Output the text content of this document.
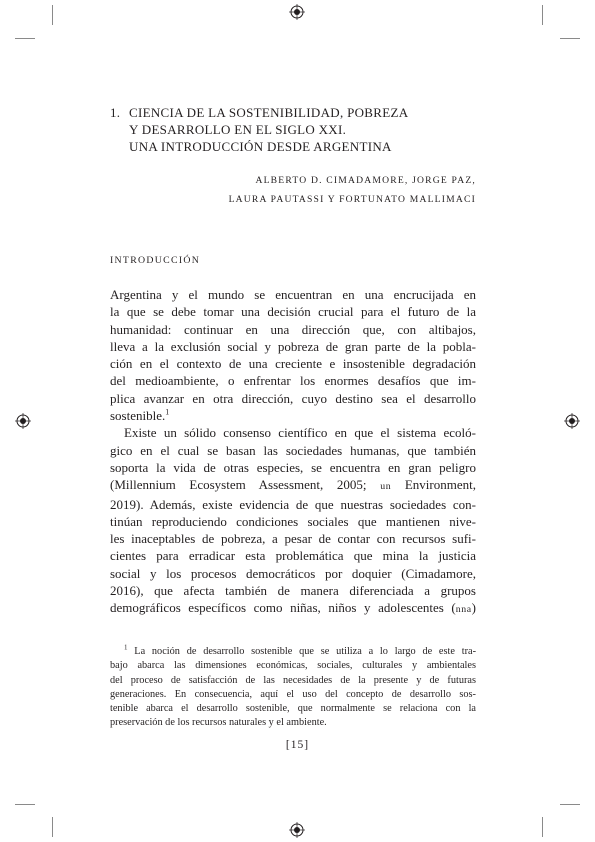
1. CIENCIA DE LA SOSTENIBILIDAD, POBREZA
Y DESARROLLO EN EL SIGLO XXI.
UNA INTRODUCCIÓN DESDE ARGENTINA
ALBERTO D. CIMADAMORE, JORGE PAZ,
LAURA PAUTASSI Y FORTUNATO MALLIMACI
INTRODUCCIÓN
Argentina y el mundo se encuentran en una encrucijada en
la que se debe tomar una decisión crucial para el futuro de la
humanidad: continuar en una dirección que, con altibajos,
lleva a la exclusión social y pobreza de gran parte de la pobla-
ción en el contexto de una creciente e insostenible degradación
del medioambiente, o enfrentar los enormes desafíos que im-
plica avanzar en otra dirección, cuyo destino sea el desarrollo
sostenible.$^1$
Existe un sólido consenso científico en que el sistema ecoló-
gico en el cual se basan las sociedades humanas, que también
soporta la vida de otras especies, se encuentra en gran peligro
(Millennium Ecosystem Assessment, 2005; un Environment,
2019). Además, existe evidencia de que nuestras sociedades con-
tinúan reproduciendo condiciones sociales que mantienen nive-
les inaceptables de pobreza, a pesar de contar con recursos sufi-
cientes para erradicar esta problemática que mina la justicia
social y los procesos democráticos por doquier (Cimadamore,
2016), que afecta también de manera diferenciada a grupos
demográficos específicos como niñas, niños y adolescentes (nna)
$^1$ La noción de desarrollo sostenible que se utiliza a lo largo de este tra-
bajo abarca las dimensiones económicas, sociales, culturales y ambientales
del proceso de satisfacción de las necesidades de la presente y de futuras
generaciones. En consecuencia, aquí el uso del concepto de desarrollo sos-
tenible abarca el desarrollo sostenible, que normalmente se relaciona con la
preservación de los recursos naturales y el ambiente.
[15]
